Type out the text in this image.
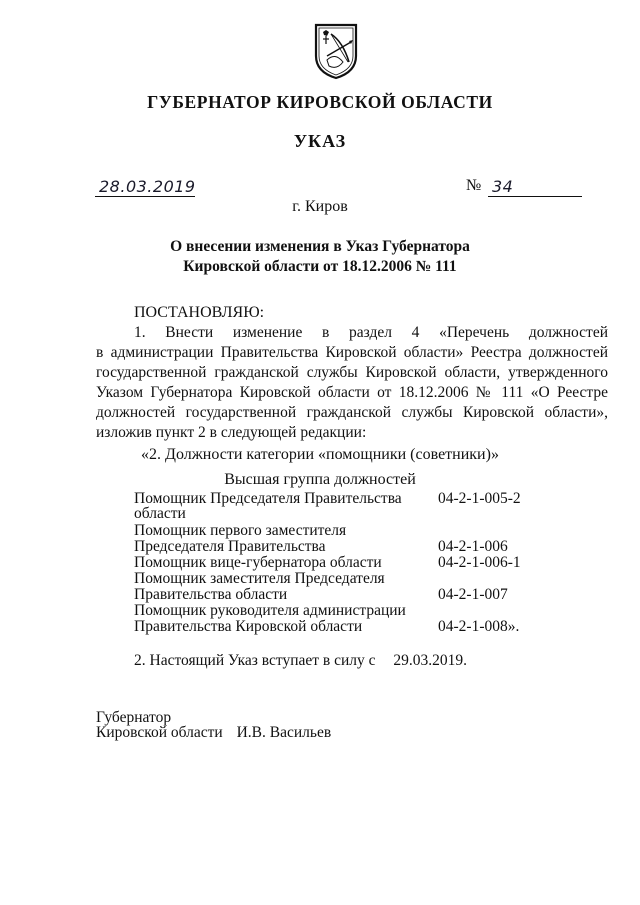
ГУБЕРНАТОР КИРОВСКОЙ ОБЛАСТИ
УКАЗ
28.03.2019	№ 34
г. Киров
О внесении изменения в Указ Губернатора
Кировской области от 18.12.2006 № 111
ПОСТАНОВЛЯЮ:
1. Внести изменение в раздел 4 «Перечень должностей
в администрации Правительства Кировской области» Реестра должностей
государственной гражданской службы Кировской области, утвержденного
Указом Губернатора Кировской области от 18.12.2006 № 111 «О Реестре
должностей государственной гражданской службы Кировской области»,
изложив пункт 2 в следующей редакции:
«2. Должности категории «помощники (советники)»
Высшая группа должностей
Помощник Председателя Правительства 04-2-1-005-2
области
Помощник первого заместителя
Председателя Правительства	04-2-1-006
Помощник вице-губернатора области	04-2-1-006-1
Помощник заместителя Председателя
Правительства области	04-2-1-007
Помощник руководителя администрации
Правительства Кировской области	04-2-1-008».
2. Настоящий Указ вступает в силу с 29.03.2019.
Губернатор
Кировской области И.В. Васильев
